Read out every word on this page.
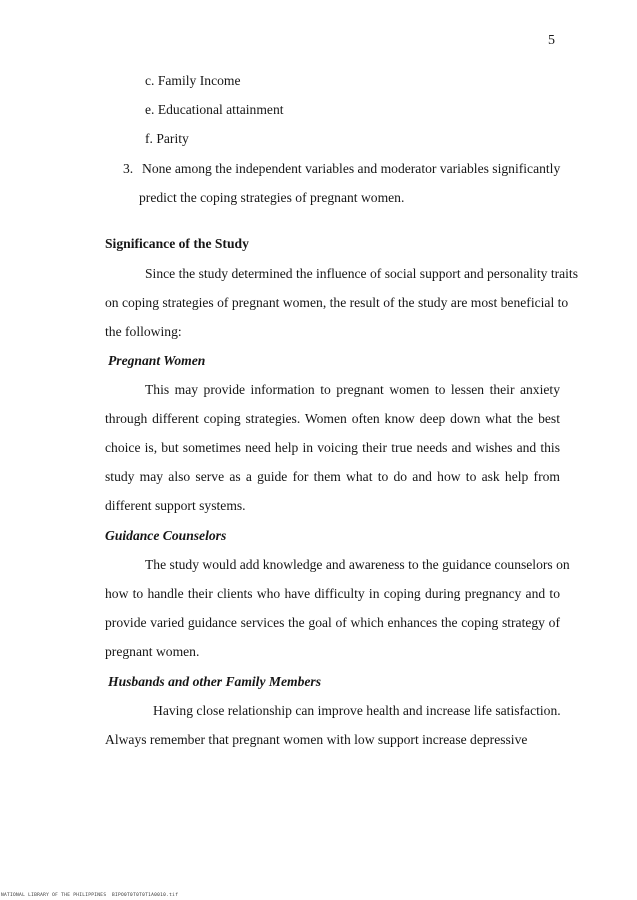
5
c. Family Income
e. Educational attainment
f. Parity
3. None among the independent variables and moderator variables significantly
predict the coping strategies of pregnant women.
Significance of the Study
Since the study determined the influence of social support and personality traits
on coping strategies of pregnant women, the result of the study are most beneficial to
the following:
Pregnant Women
This may provide information to pregnant women to lessen their anxiety
through different coping strategies. Women often know deep down what the best
choice is, but sometimes need help in voicing their true needs and wishes and this
study may also serve as a guide for them what to do and how to ask help from
different support systems.
Guidance Counselors
The study would add knowledge and awareness to the guidance counselors on
how to handle their clients who have difficulty in coping during pregnancy and to
provide varied guidance services the goal of which enhances the coping strategy of
pregnant women.
Husbands and other Family Members
Having close relationship can improve health and increase life satisfaction.
Always remember that pregnant women with low support increase depressive
NATIONAL LIBRARY OF THE PHILIPPINES BIPO0T0T0T0T1A0010.tif
